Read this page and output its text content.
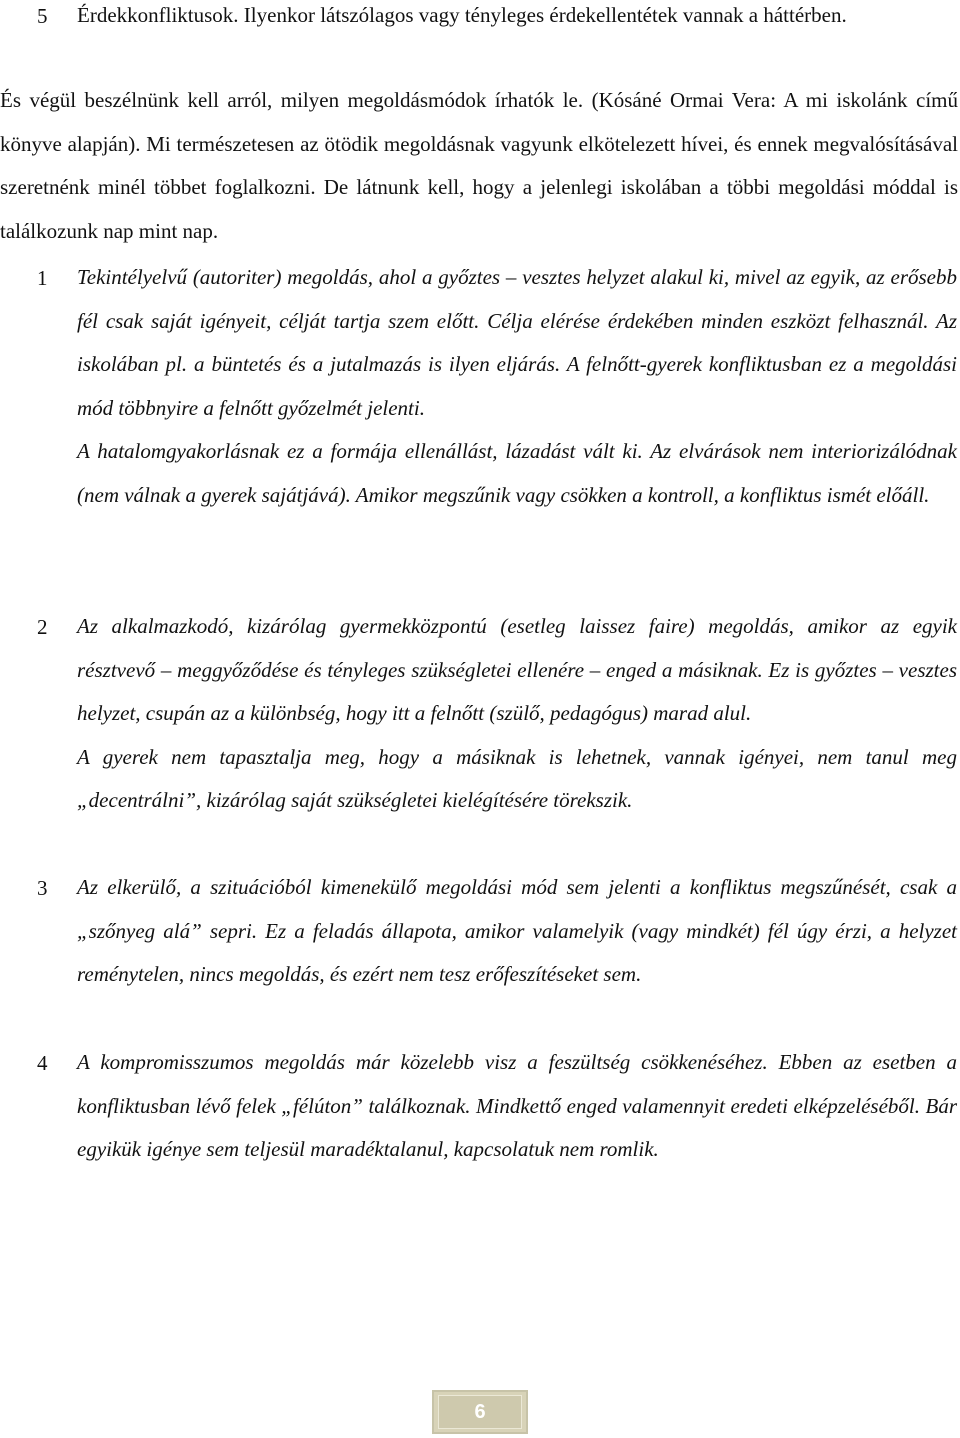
5 Érdekkonfliktusok. Ilyenkor látszólagos vagy tényleges érdekellentétek vannak a háttérben.

És végül beszélnünk kell arról, milyen megoldásmódok írhatók le. (Kósáné Ormai Vera: A mi iskolánk című könyve alapján). Mi természetesen az ötödik megoldásnak vagyunk elkötelezett hívei, és ennek megvalósításával szeretnénk minél többet foglalkozni. De látnunk kell, hogy a jelenlegi iskolában a többi megoldási móddal is találkozunk nap mint nap.

1 Tekintélyelvű (autoriter) megoldás, ahol a győztes – vesztes helyzet alakul ki, mivel az egyik, az erősebb fél csak saját igényeit, célját tartja szem előtt. Célja elérése érdekében minden eszközt felhasznál. Az iskolában pl. a büntetés és a jutalmazás is ilyen eljárás. A felnőtt-gyerek konfliktusban ez a megoldási mód többnyire a felnőtt győzelmét jelenti.

A hatalomgyakorlásnak ez a formája ellenállást, lázadást vált ki. Az elvárások nem interiorizálódnak (nem válnak a gyerek sajátjává). Amikor megszűnik vagy csökken a kontroll, a konfliktus ismét előáll.

2 Az alkalmazkodó, kizárólag gyermekközpontú (esetleg laissez faire) megoldás, amikor az egyik résztvevő – meggyőződése és tényleges szükségletei ellenére – enged a másiknak. Ez is győztes – vesztes helyzet, csupán az a különbség, hogy itt a felnőtt (szülő, pedagógus) marad alul.

A gyerek nem tapasztalja meg, hogy a másiknak is lehetnek, vannak igényei, nem tanul meg „decentrálni”, kizárólag saját szükségletei kielégítésére törekszik.

3 Az elkerülő, a szituációból kimenekülő megoldási mód sem jelenti a konfliktus megszűnését, csak a „szőnyeg alá” sepri. Ez a feladás állapota, amikor valamelyik (vagy mindkét) fél úgy érzi, a helyzet reménytelen, nincs megoldás, és ezért nem tesz erőfeszítéseket sem.

4 A kompromisszumos megoldás már közelebb visz a feszültség csökkenéséhez. Ebben az esetben a konfliktusban lévő felek „félúton” találkoznak. Mindkettő enged valamennyit eredeti elképzeléséből. Bár egyikük igénye sem teljesül maradéktalanul, kapcsolatuk nem romlik.

6
